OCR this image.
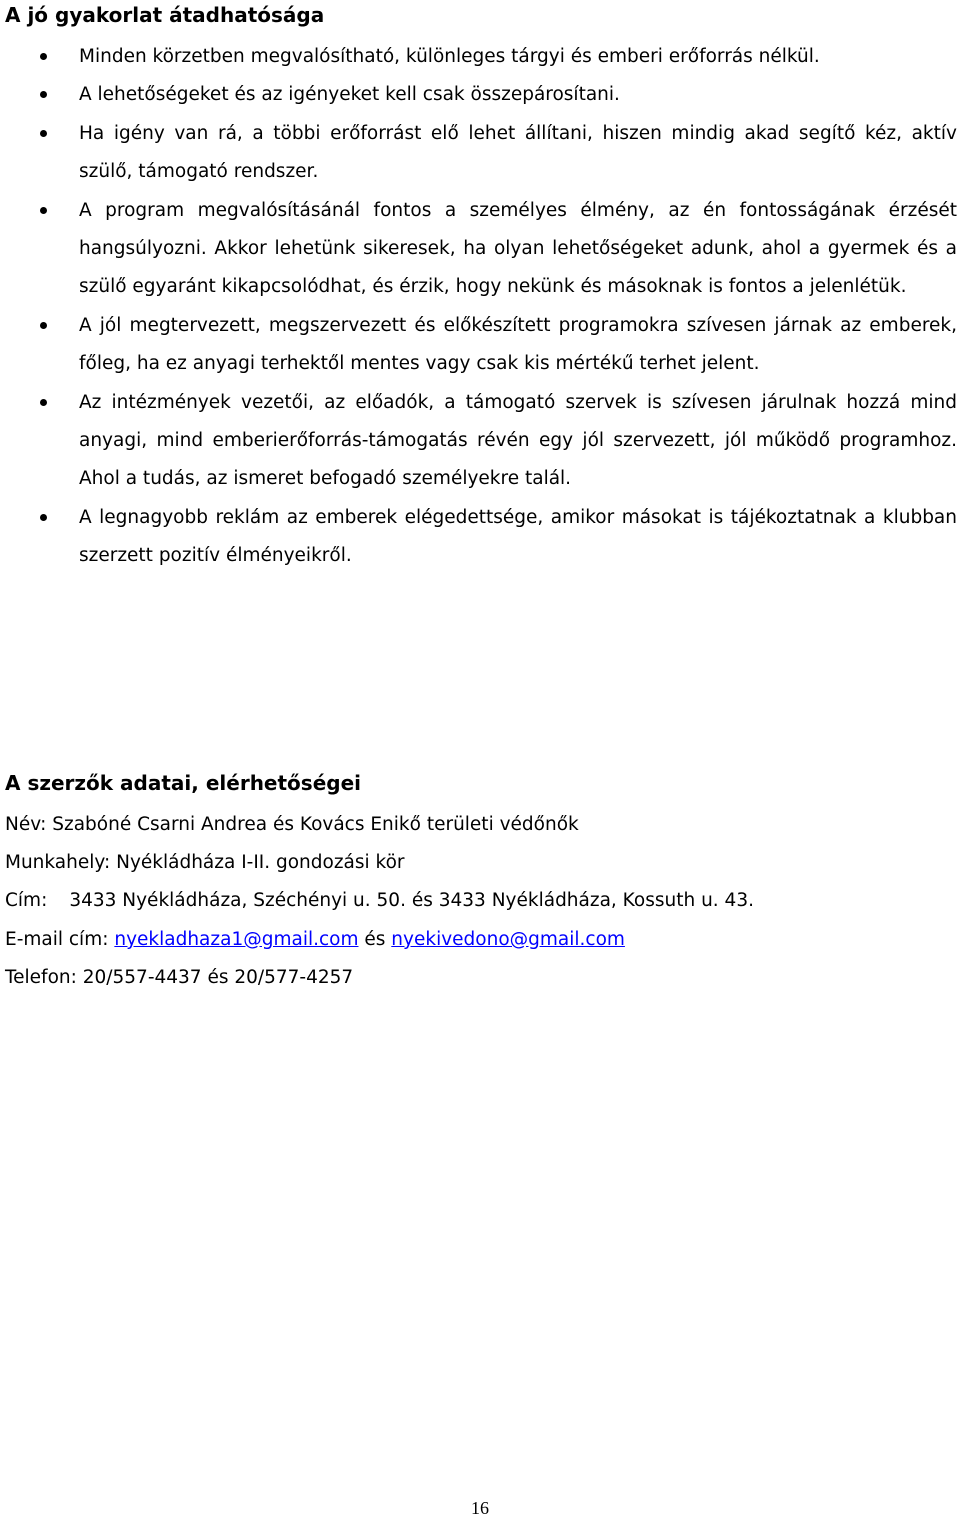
A jó gyakorlat átadhatósága
Minden körzetben megvalósítható, különleges tárgyi és emberi erőforrás nélkül.
A lehetőségeket és az igényeket kell csak összepárosítani.
Ha igény van rá, a többi erőforrást elő lehet állítani, hiszen mindig akad segítő kéz, aktív szülő, támogató rendszer.
A program megvalósításánál fontos a személyes élmény, az én fontosságának érzését hangsúlyozni. Akkor lehetünk sikeresek, ha olyan lehetőségeket adunk, ahol a gyermek és a szülő egyaránt kikapcsolódhat, és érzik, hogy nekünk és másoknak is fontos a jelenlétük.
A jól megtervezett, megszervezett és előkészített programokra szívesen járnak az emberek, főleg, ha ez anyagi terhektől mentes vagy csak kis mértékű terhet jelent.
Az intézmények vezetői, az előadók, a támogató szervek is szívesen járulnak hozzá mind anyagi, mind emberierőforrás-támogatás révén egy jól szervezett, jól működő programhoz. Ahol a tudás, az ismeret befogadó személyekre talál.
A legnagyobb reklám az emberek elégedettsége, amikor másokat is tájékoztatnak a klubban szerzett pozitív élményeikről.
A szerzők adatai, elérhetőségei
Név: Szabóné Csarni Andrea és Kovács Enikő területi védőnők
Munkahely: Nyékládháza I-II. gondozási kör
Cím: 3433 Nyékládháza, Széchényi u. 50. és 3433 Nyékládháza, Kossuth u. 43.
E-mail cím: nyekladhaza1@gmail.com és nyekivedono@gmail.com
Telefon: 20/557-4437 és 20/577-4257
16
